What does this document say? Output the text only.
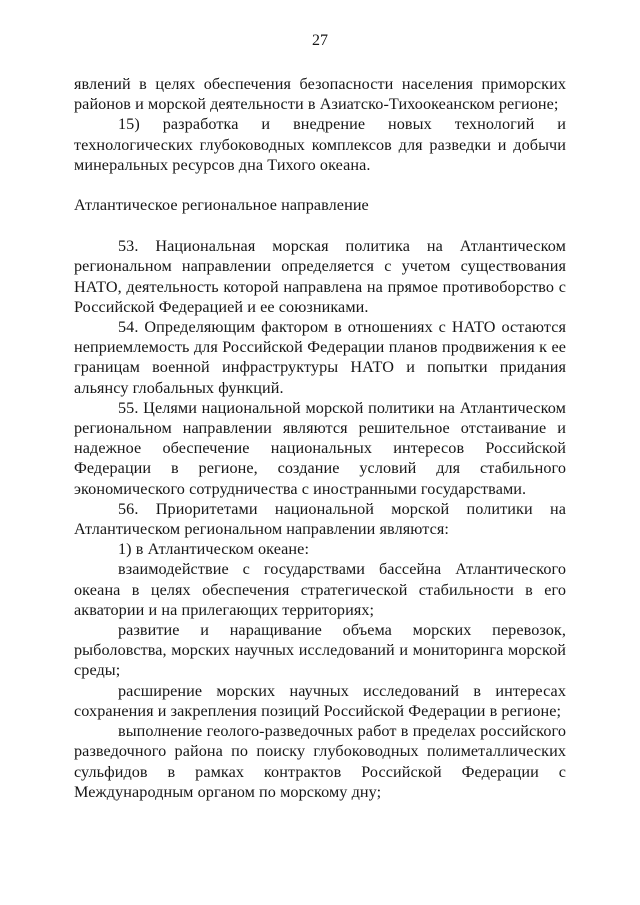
27

явлений в целях обеспечения безопасности населения приморских районов и морской деятельности в Азиатско-Тихоокеанском регионе;

15) разработка и внедрение новых технологий и технологических глубоководных комплексов для разведки и добычи минеральных ресурсов дна Тихого океана.

Атлантическое региональное направление

53. Национальная морская политика на Атлантическом региональном направлении определяется с учетом существования НАТО, деятельность которой направлена на прямое противоборство с Российской Федерацией и ее союзниками.

54. Определяющим фактором в отношениях с НАТО остаются неприемлемость для Российской Федерации планов продвижения к ее границам военной инфраструктуры НАТО и попытки придания альянсу глобальных функций.

55. Целями национальной морской политики на Атлантическом региональном направлении являются решительное отстаивание и надежное обеспечение национальных интересов Российской Федерации в регионе, создание условий для стабильного экономического сотрудничества с иностранными государствами.

56. Приоритетами национальной морской политики на Атлантическом региональном направлении являются:

1) в Атлантическом океане:

взаимодействие с государствами бассейна Атлантического океана в целях обеспечения стратегической стабильности в его акватории и на прилегающих территориях;

развитие и наращивание объема морских перевозок, рыболовства, морских научных исследований и мониторинга морской среды;

расширение морских научных исследований в интересах сохранения и закрепления позиций Российской Федерации в регионе;

выполнение геолого-разведочных работ в пределах российского разведочного района по поиску глубоководных полиметаллических сульфидов в рамках контрактов Российской Федерации с Международным органом по морскому дну;
